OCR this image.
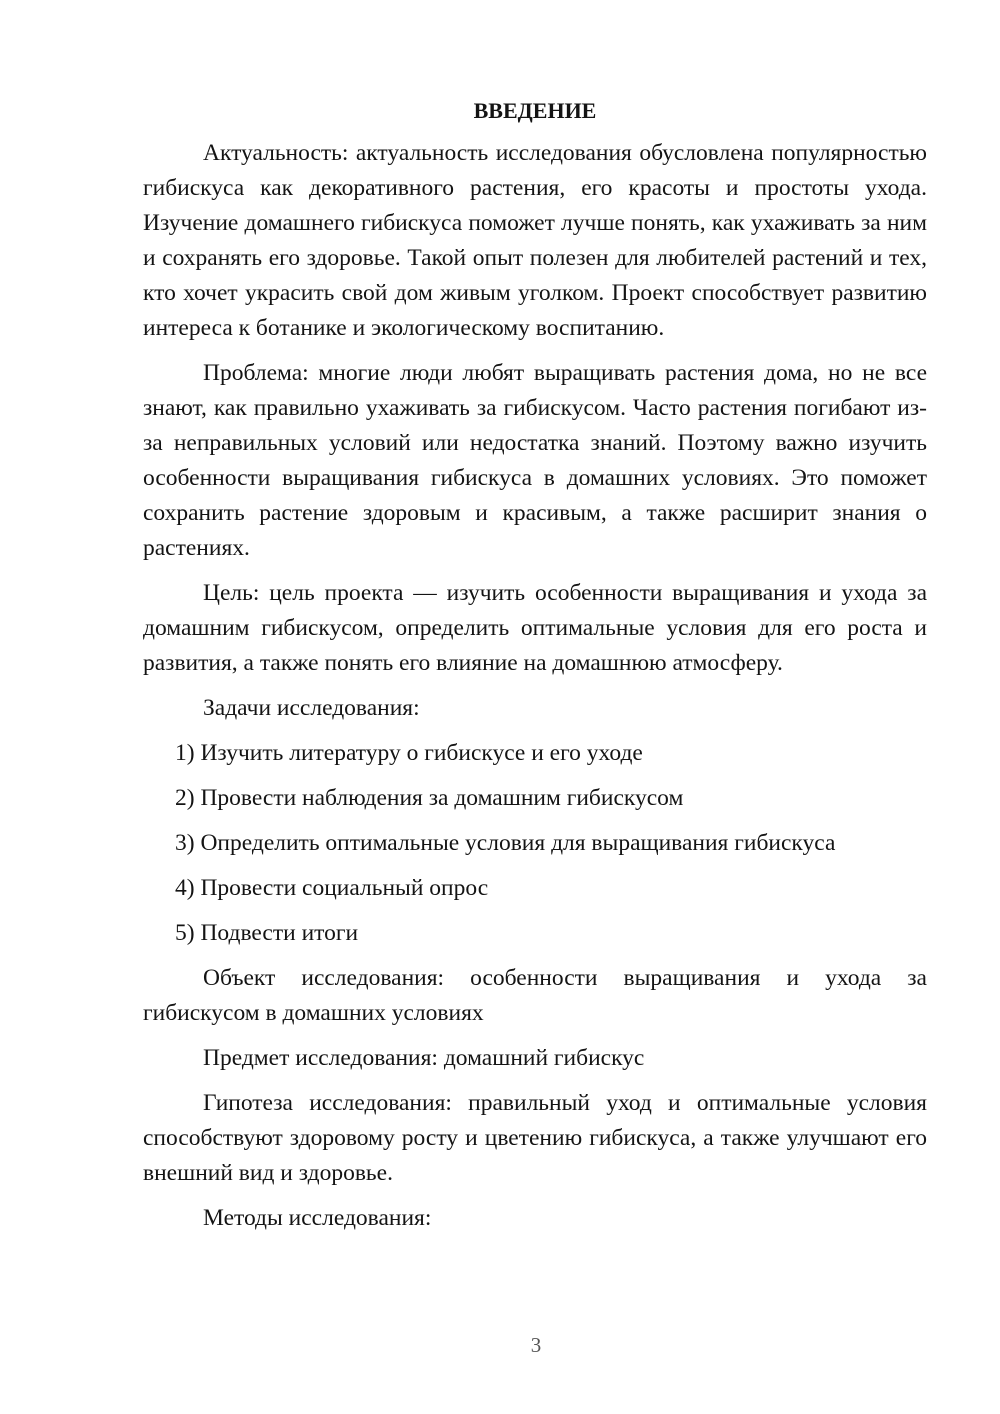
ВВЕДЕНИЕ

Актуальность: актуальность исследования обусловлена популярностью гибискуса как декоративного растения, его красоты и простоты ухода. Изучение домашнего гибискуса поможет лучше понять, как ухаживать за ним и сохранять его здоровье. Такой опыт полезен для любителей растений и тех, кто хочет украсить свой дом живым уголком. Проект способствует развитию интереса к ботанике и экологическому воспитанию.

Проблема: многие люди любят выращивать растения дома, но не все знают, как правильно ухаживать за гибискусом. Часто растения погибают из-за неправильных условий или недостатка знаний. Поэтому важно изучить особенности выращивания гибискуса в домашних условиях. Это поможет сохранить растение здоровым и красивым, а также расширит знания о растениях.

Цель: цель проекта — изучить особенности выращивания и ухода за домашним гибискусом, определить оптимальные условия для его роста и развития, а также понять его влияние на домашнюю атмосферу.

Задачи исследования:
1) Изучить литературу о гибискусе и его уходе
2) Провести наблюдения за домашним гибискусом
3) Определить оптимальные условия для выращивания гибискуса
4) Провести социальный опрос
5) Подвести итоги

Объект исследования: особенности выращивания и ухода за гибискусом в домашних условиях

Предмет исследования: домашний гибискус

Гипотеза исследования: правильный уход и оптимальные условия способствуют здоровому росту и цветению гибискуса, а также улучшают его внешний вид и здоровье.

Методы исследования:
3
